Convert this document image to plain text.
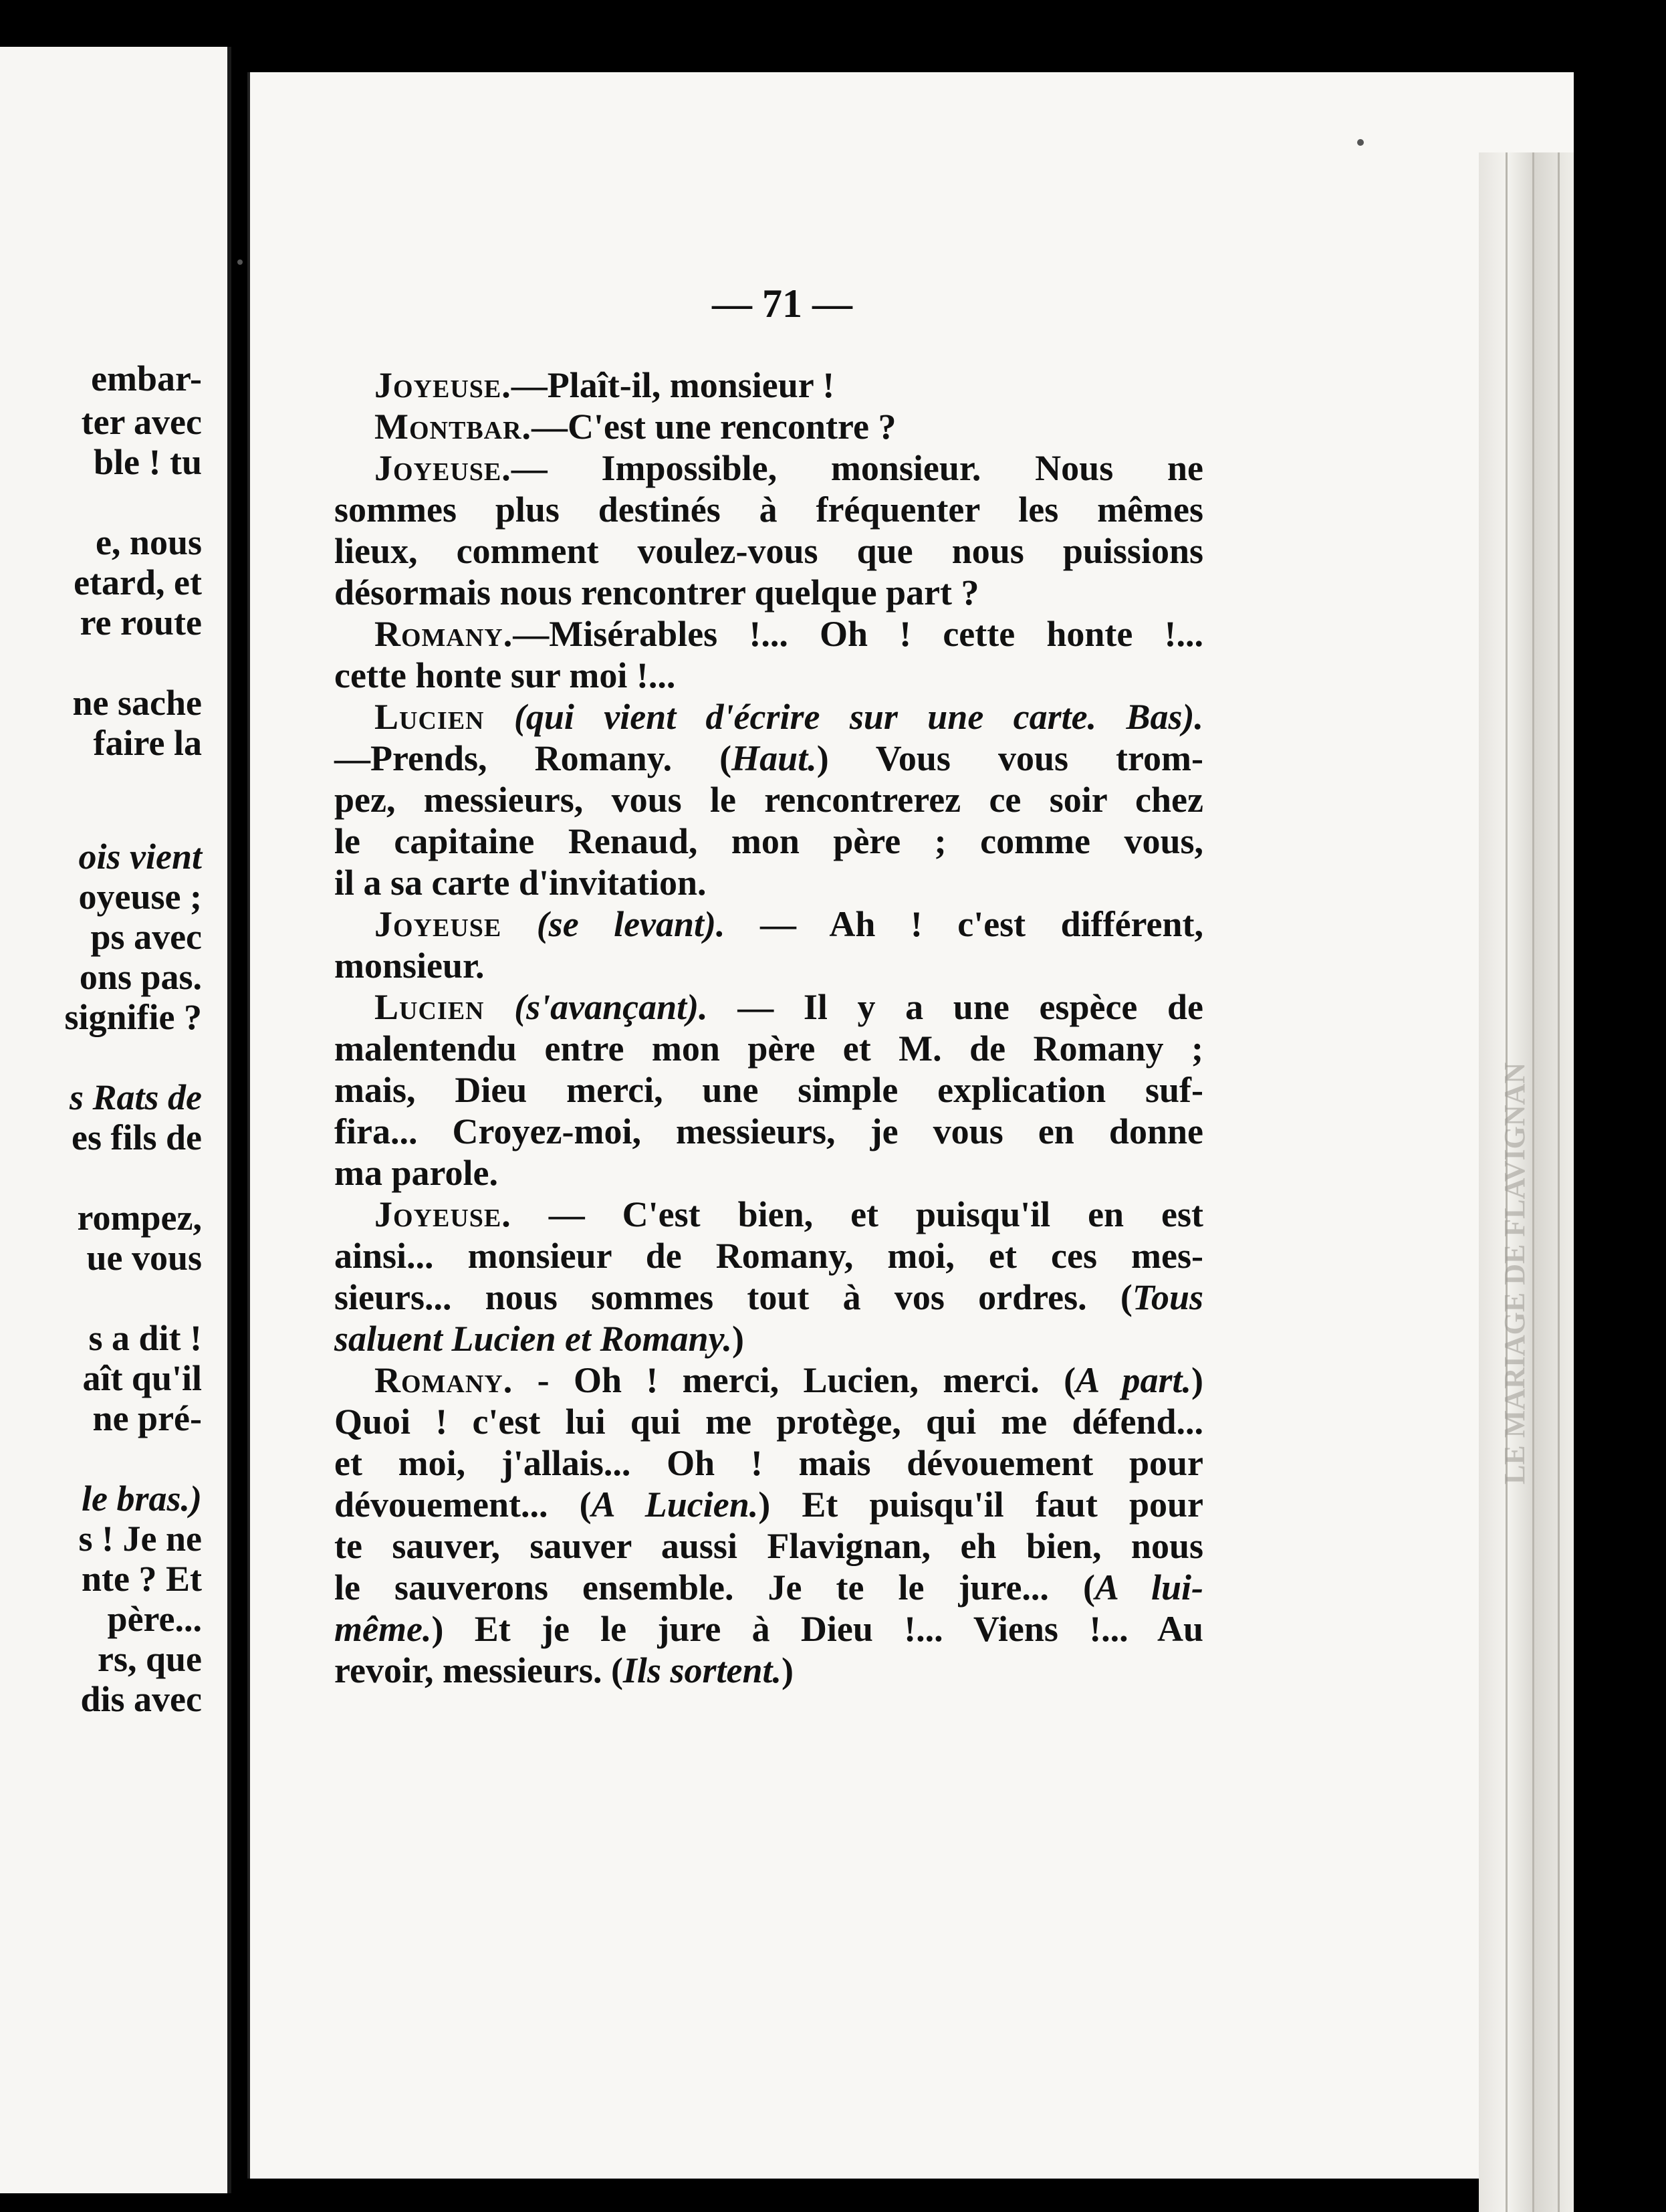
embar-
ter avec
ble ! tu
e, nous
etard, et
re route
ne sache
faire la
ois vient
oyeuse ;
ps avec
ons pas.
signifie ?
s Rats de
es fils de
rompez,
ue vous
s a dit !
aît qu'il
ne pré-
le bras.)
s ! Je ne
nte ? Et
père...
rs, que
dis avec
— 71 —
LE MARIAGE DE FLAVIGNAN
Joyeuse.—Plaît-il, monsieur !
Montbar.—C'est une rencontre ?
Joyeuse.— Impossible, monsieur. Nous ne
sommes plus destinés à fréquenter les mêmes
lieux, comment voulez-vous que nous puissions
désormais nous rencontrer quelque part ?
Romany.—Misérables !... Oh ! cette honte !...
cette honte sur moi !...
Lucien (qui vient d'écrire sur une carte. Bas).
—Prends, Romany. (Haut.) Vous vous trom-
pez, messieurs, vous le rencontrerez ce soir chez
le capitaine Renaud, mon père ; comme vous,
il a sa carte d'invitation.
Joyeuse (se levant). — Ah ! c'est différent,
monsieur.
Lucien (s'avançant). — Il y a une espèce de
malentendu entre mon père et M. de Romany ;
mais, Dieu merci, une simple explication suf-
fira... Croyez-moi, messieurs, je vous en donne
ma parole.
Joyeuse. — C'est bien, et puisqu'il en est
ainsi... monsieur de Romany, moi, et ces mes-
sieurs... nous sommes tout à vos ordres. (Tous
saluent Lucien et Romany.)
Romany. - Oh ! merci, Lucien, merci. (A part.)
Quoi ! c'est lui qui me protège, qui me défend...
et moi, j'allais... Oh ! mais dévouement pour
dévouement... (A Lucien.) Et puisqu'il faut pour
te sauver, sauver aussi Flavignan, eh bien, nous
le sauverons ensemble. Je te le jure... (A lui-
même.) Et je le jure à Dieu !... Viens !... Au
revoir, messieurs. (Ils sortent.)
